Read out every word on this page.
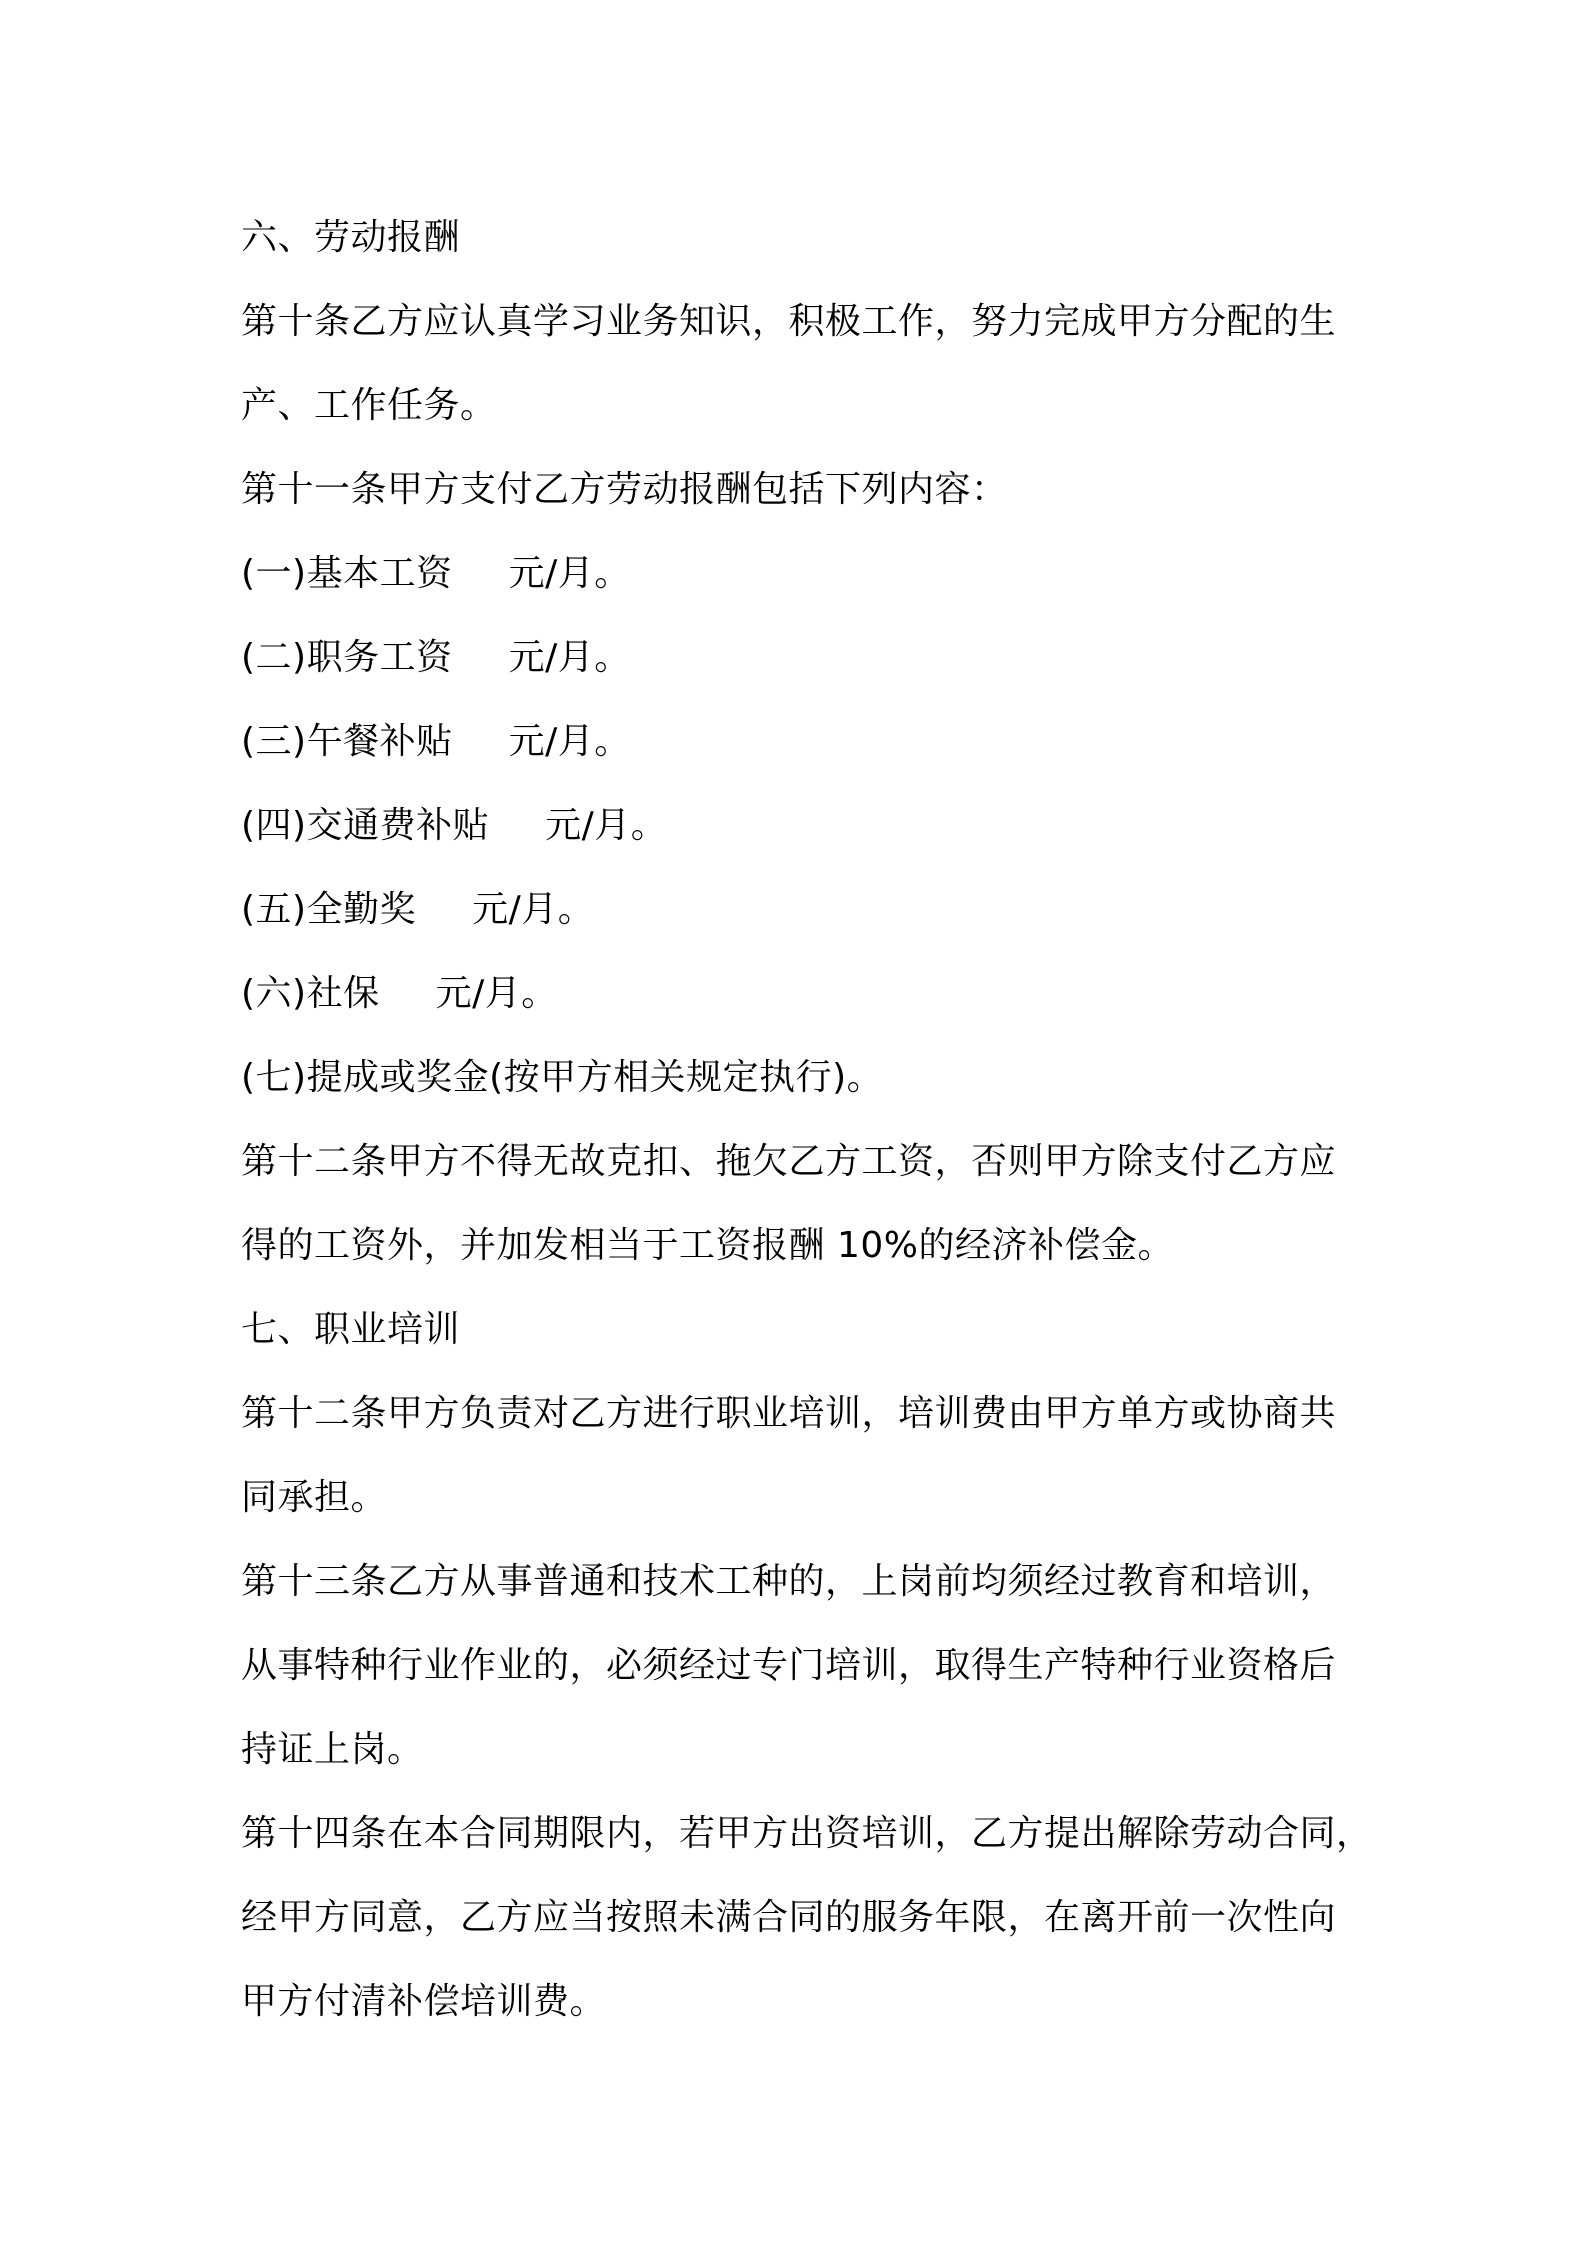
六、劳动报酬
第十条乙方应认真学习业务知识，积极工作，努力完成甲方分配的生
产、工作任务。
第十一条甲方支付乙方劳动报酬包括下列内容：
(一)基本工资 元/月。
(二)职务工资 元/月。
(三)午餐补贴 元/月。
(四)交通费补贴 元/月。
(五)全勤奖 元/月。
(六)社保 元/月。
(七)提成或奖金(按甲方相关规定执行)。
第十二条甲方不得无故克扣、拖欠乙方工资，否则甲方除支付乙方应
得的工资外，并加发相当于工资报酬 10%的经济补偿金。
七、职业培训
第十二条甲方负责对乙方进行职业培训，培训费由甲方单方或协商共
同承担。
第十三条乙方从事普通和技术工种的，上岗前均须经过教育和培训，
从事特种行业作业的，必须经过专门培训，取得生产特种行业资格后
持证上岗。
第十四条在本合同期限内，若甲方出资培训，乙方提出解除劳动合同，
经甲方同意，乙方应当按照未满合同的服务年限，在离开前一次性向
甲方付清补偿培训费。
